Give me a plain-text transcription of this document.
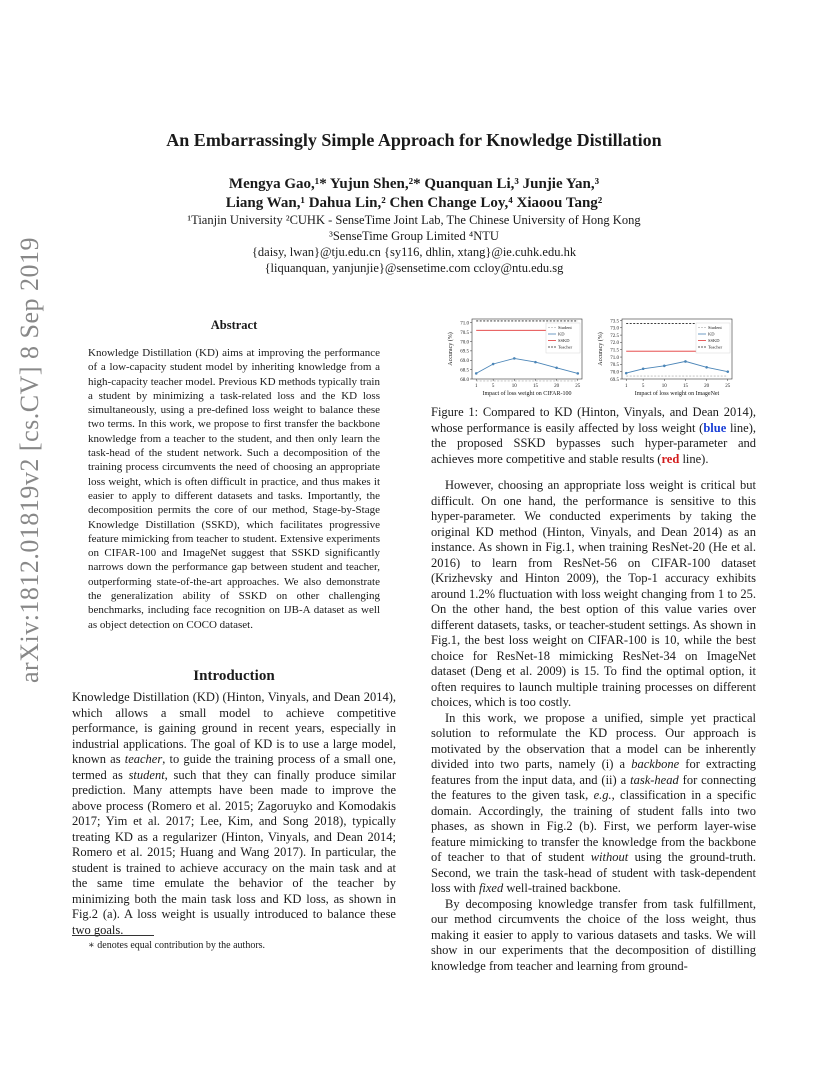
arXiv:1812.01819v2 [cs.CV] 8 Sep 2019
An Embarrassingly Simple Approach for Knowledge Distillation
Mengya Gao,¹* Yujun Shen,²* Quanquan Li,³ Junjie Yan,³
Liang Wan,¹ Dahua Lin,² Chen Change Loy,⁴ Xiaoou Tang²
¹Tianjin University ²CUHK - SenseTime Joint Lab, The Chinese University of Hong Kong
³SenseTime Group Limited ⁴NTU
{daisy, lwan}@tju.edu.cn {sy116, dhlin, xtang}@ie.cuhk.edu.hk
{liquanquan, yanjunjie}@sensetime.com ccloy@ntu.edu.sg
Abstract
Knowledge Distillation (KD) aims at improving the performance of a low-capacity student model by inheriting knowledge from a high-capacity teacher model. Previous KD methods typically train a student by minimizing a task-related loss and the KD loss simultaneously, using a pre-defined loss weight to balance these two terms. In this work, we propose to first transfer the backbone knowledge from a teacher to the student, and then only learn the task-head of the student network. Such a decomposition of the training process circumvents the need of choosing an appropriate loss weight, which is often difficult in practice, and thus makes it easier to apply to different datasets and tasks. Importantly, the decomposition permits the core of our method, Stage-by-Stage Knowledge Distillation (SSKD), which facilitates progressive feature mimicking from teacher to student. Extensive experiments on CIFAR-100 and ImageNet suggest that SSKD significantly narrows down the performance gap between student and teacher, outperforming state-of-the-art approaches. We also demonstrate the generalization ability of SSKD on other challenging benchmarks, including face recognition on IJB-A dataset as well as object detection on COCO dataset.
Introduction

Knowledge Distillation (KD) (Hinton, Vinyals, and Dean 2014), which allows a small model to achieve competitive performance, is gaining ground in recent years, especially in industrial applications. The goal of KD is to use a large model, known as teacher, to guide the training process of a small one, termed as student, such that they can finally produce similar prediction. Many attempts have been made to improve the above process (Romero et al. 2015; Zagoruyko and Komodakis 2017; Yim et al. 2017; Lee, Kim, and Song 2018), typically treating KD as a regularizer (Hinton, Vinyals, and Dean 2014; Romero et al. 2015; Huang and Wang 2017). In particular, the student is trained to achieve accuracy on the main task and at the same time emulate the behavior of the teacher by minimizing both the main task loss and KD loss, as shown in Fig.2 (a). A loss weight is usually introduced to balance these two goals.

∗ denotes equal contribution by the authors.
68.0
68.5
69.0
69.5
70.0
70.5
71.0
1	5	10	15	20	25
Impact of loss weight on CIFAR-100
Accuracy (%)
Student
KD
SSKD
Teacher
69.5
70.0
70.5
71.0
71.5
72.0
72.5
73.0
73.5
1	5	10	15	20	25
Impact of loss weight on ImageNet
Accuracy (%)
Student
KD
SSKD
Teacher
Figure 1: Compared to KD (Hinton, Vinyals, and Dean 2014), whose performance is easily affected by loss weight (blue line), the proposed SSKD bypasses such hyper-parameter and achieves more competitive and stable results (red line).

However, choosing an appropriate loss weight is critical but difficult. On one hand, the performance is sensitive to this hyper-parameter. We conducted experiments by taking the original KD method (Hinton, Vinyals, and Dean 2014) as an instance. As shown in Fig.1, when training ResNet-20 (He et al. 2016) to learn from ResNet-56 on CIFAR-100 dataset (Krizhevsky and Hinton 2009), the Top-1 accuracy exhibits around 1.2% fluctuation with loss weight changing from 1 to 25. On the other hand, the best option of this value varies over different datasets, tasks, or teacher-student settings. As shown in Fig.1, the best loss weight on CIFAR-100 is 10, while the best choice for ResNet-18 mimicking ResNet-34 on ImageNet dataset (Deng et al. 2009) is 15. To find the optimal option, it often requires to launch multiple training processes on different choices, which is too costly.

In this work, we propose a unified, simple yet practical solution to reformulate the KD process. Our approach is motivated by the observation that a model can be inherently divided into two parts, namely (i) a backbone for extracting features from the input data, and (ii) a task-head for connecting the features to the given task, e.g., classification in a specific domain. Accordingly, the training of student falls into two phases, as shown in Fig.2 (b). First, we perform layer-wise feature mimicking to transfer the knowledge from the backbone of teacher to that of student without using the ground-truth. Second, we train the task-head of student with task-dependent loss with fixed well-trained backbone.

By decomposing knowledge transfer from task fulfillment, our method circumvents the choice of the loss weight, thus making it easier to apply to various datasets and tasks. We will show in our experiments that the decomposition of distilling knowledge from teacher and learning from ground-
